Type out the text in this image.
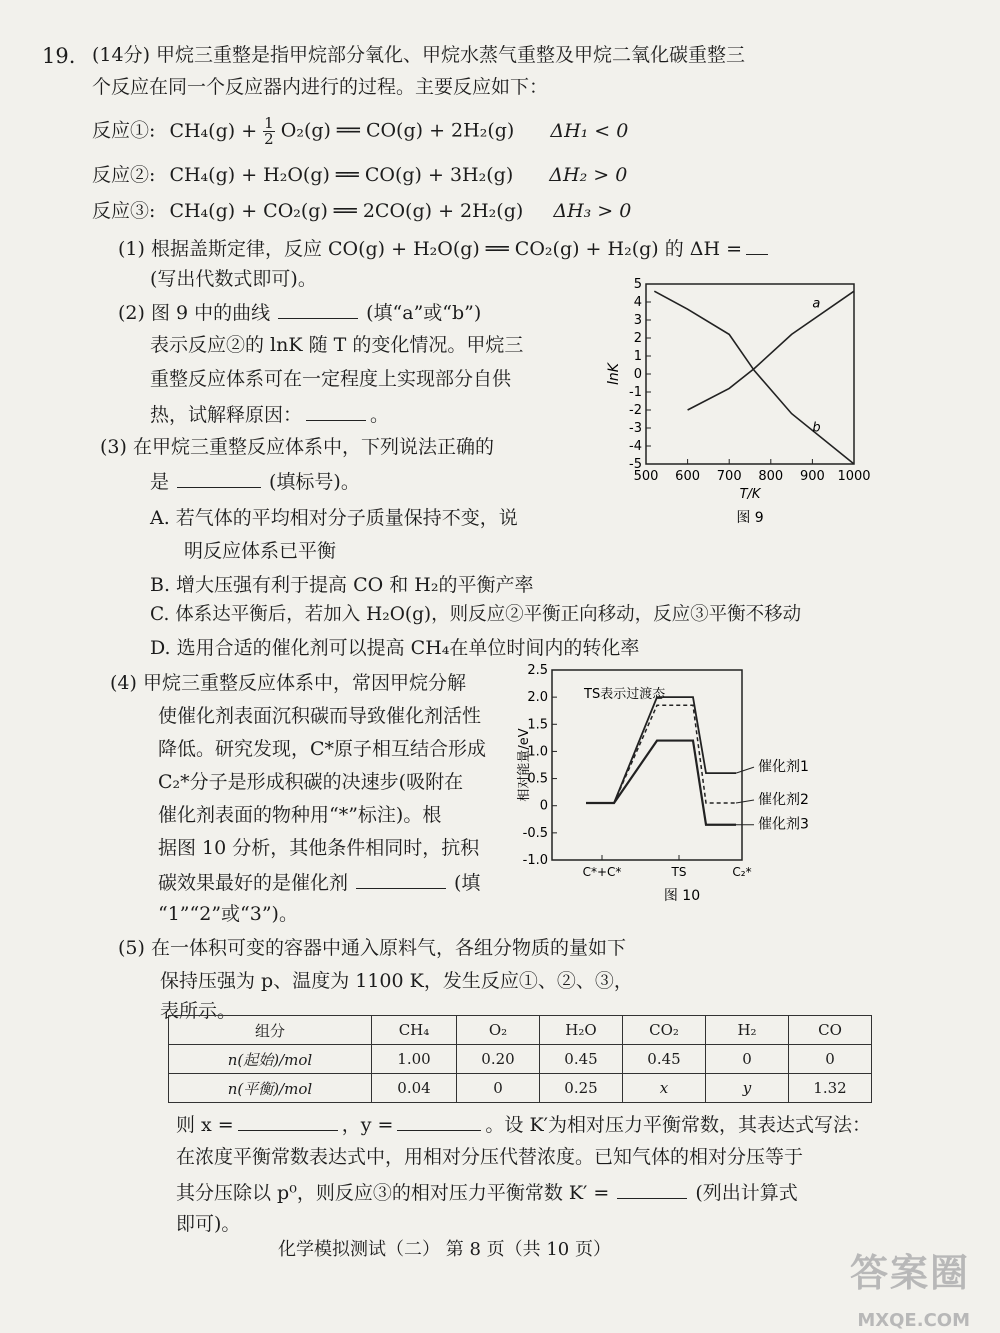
19. (14分) 甲烷三重整是指甲烷部分氧化、甲烷水蒸气重整及甲烷二氧化碳重整三
个反应在同一个反应器内进行的过程。主要反应如下：
反应①: $CH_4(g) + \frac{1}{2} O_2(g)$ ══ CO(g) + 2H₂(g) ΔH₁ < 0
反应②: CH₄(g) + H₂O(g) ══ CO(g) + 3H₂(g) ΔH₂ > 0
反应③: CH₄(g) + CO₂(g) ══ 2CO(g) + 2H₂(g) ΔH₃ > 0
(1) 根据盖斯定律，反应 CO(g) + H₂O(g) ══ CO₂(g) + H₂(g) 的 ΔH =
(写出代数式即可)。
(2) 图 9 中的曲线	(填“a”或“b”)
表示反应②的 lnK 随 T 的变化情况。甲烷三
重整反应体系可在一定程度上实现部分自供
热，试解释原因：	。
(3) 在甲烷三重整反应体系中，下列说法正确的
是	(填标号)。
A. 若气体的平均相对分子质量保持不变，说
明反应体系已平衡
B. 增大压强有利于提高 CO 和 H₂的平衡产率
C. 体系达平衡后，若加入 H₂O(g)，则反应②平衡正向移动，反应③平衡不移动
D. 选用合适的催化剂可以提高 CH₄在单位时间内的转化率
5
4
3
2
1
0
-1
-2
-3
-4
-5
500 600 700 800 900 1000
lnK
T/K
a
b
图 9
(4) 甲烷三重整反应体系中，常因甲烷分解
使催化剂表面沉积碳而导致催化剂活性
降低。研究发现，C*原子相互结合形成
C₂*分子是形成积碳的决速步(吸附在
催化剂表面的物种用“*”标注)。根
据图 10 分析，其他条件相同时，抗积
碳效果最好的是催化剂	(填
“1”“2”或“3”)。
2.5
2.0
1.5
1.0
0.5
0
-0.5
-1.0
相对能量/eV
TS表示过渡态
C*+C*	TS	C₂*
催化剂1
催化剂2
催化剂3
图 10
(5) 在一体积可变的容器中通入原料气，各组分物质的量如下
保持压强为 p、温度为 1100 K，发生反应①、②、③，
表所示。
组分	CH₄	O₂	H₂O	CO₂	H₂	CO
n(起始)/mol	1.00	0.20	0.45	0.45	0	0
n(平衡)/mol	0.04	0	0.25	x	y	1.32
则 x =	，y =	。设 K′为相对压力平衡常数，其表达式写法：
在浓度平衡常数表达式中，用相对分压代替浓度。已知气体的相对分压等于
其分压除以 p⁰，则反应③的相对压力平衡常数 K′ =	(列出计算式
即可)。
化学模拟测试（二） 第 8 页（共 10 页）
答案圈
MXQE.COM
